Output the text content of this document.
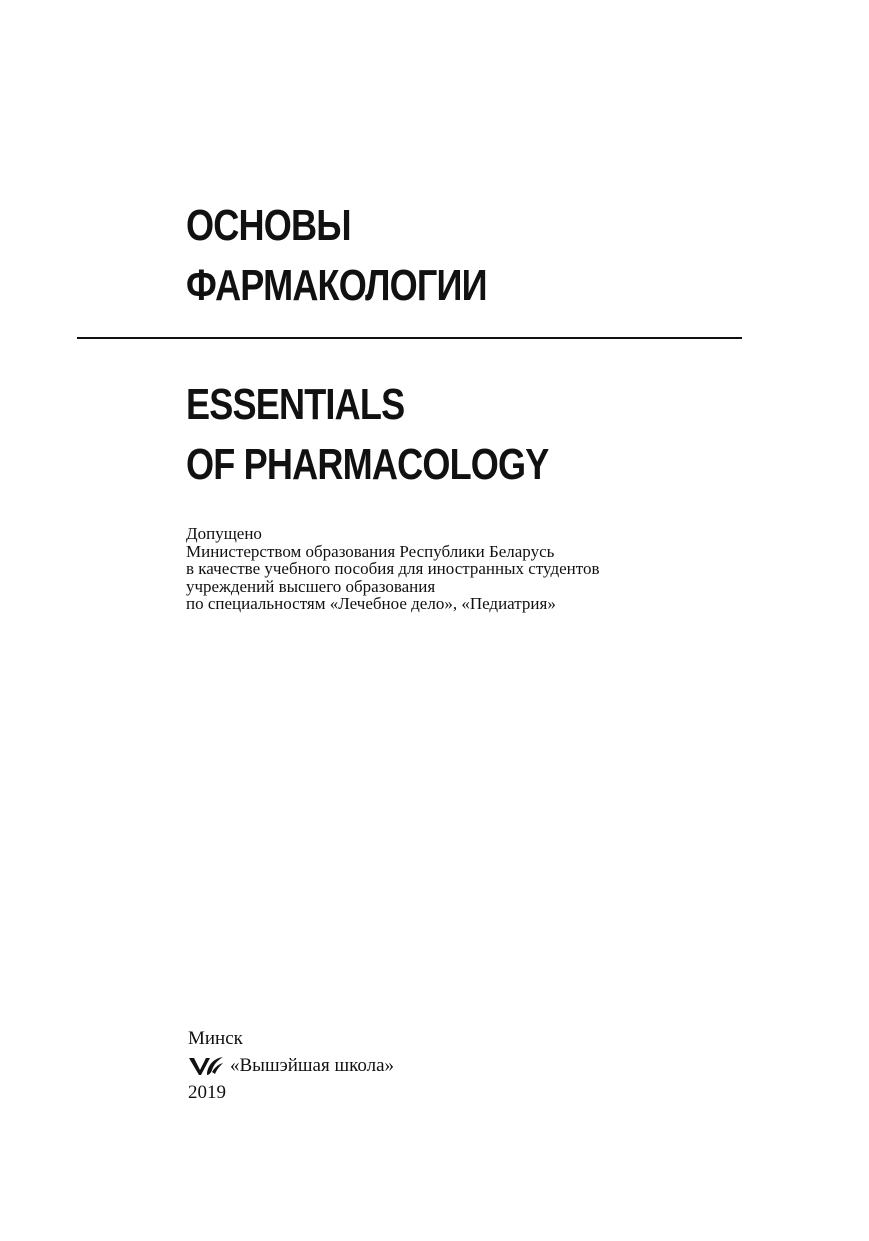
ОСНОВЫ
ФАРМАКОЛОГИИ
ESSENTIALS
OF PHARMACOLOGY
Допущено
Министерством образования Республики Беларусь
в качестве учебного пособия для иностранных студентов
учреждений высшего образования
по специальностям «Лечебное дело», «Педиатрия»
Минск
«Вышэйшая школа»
2019
